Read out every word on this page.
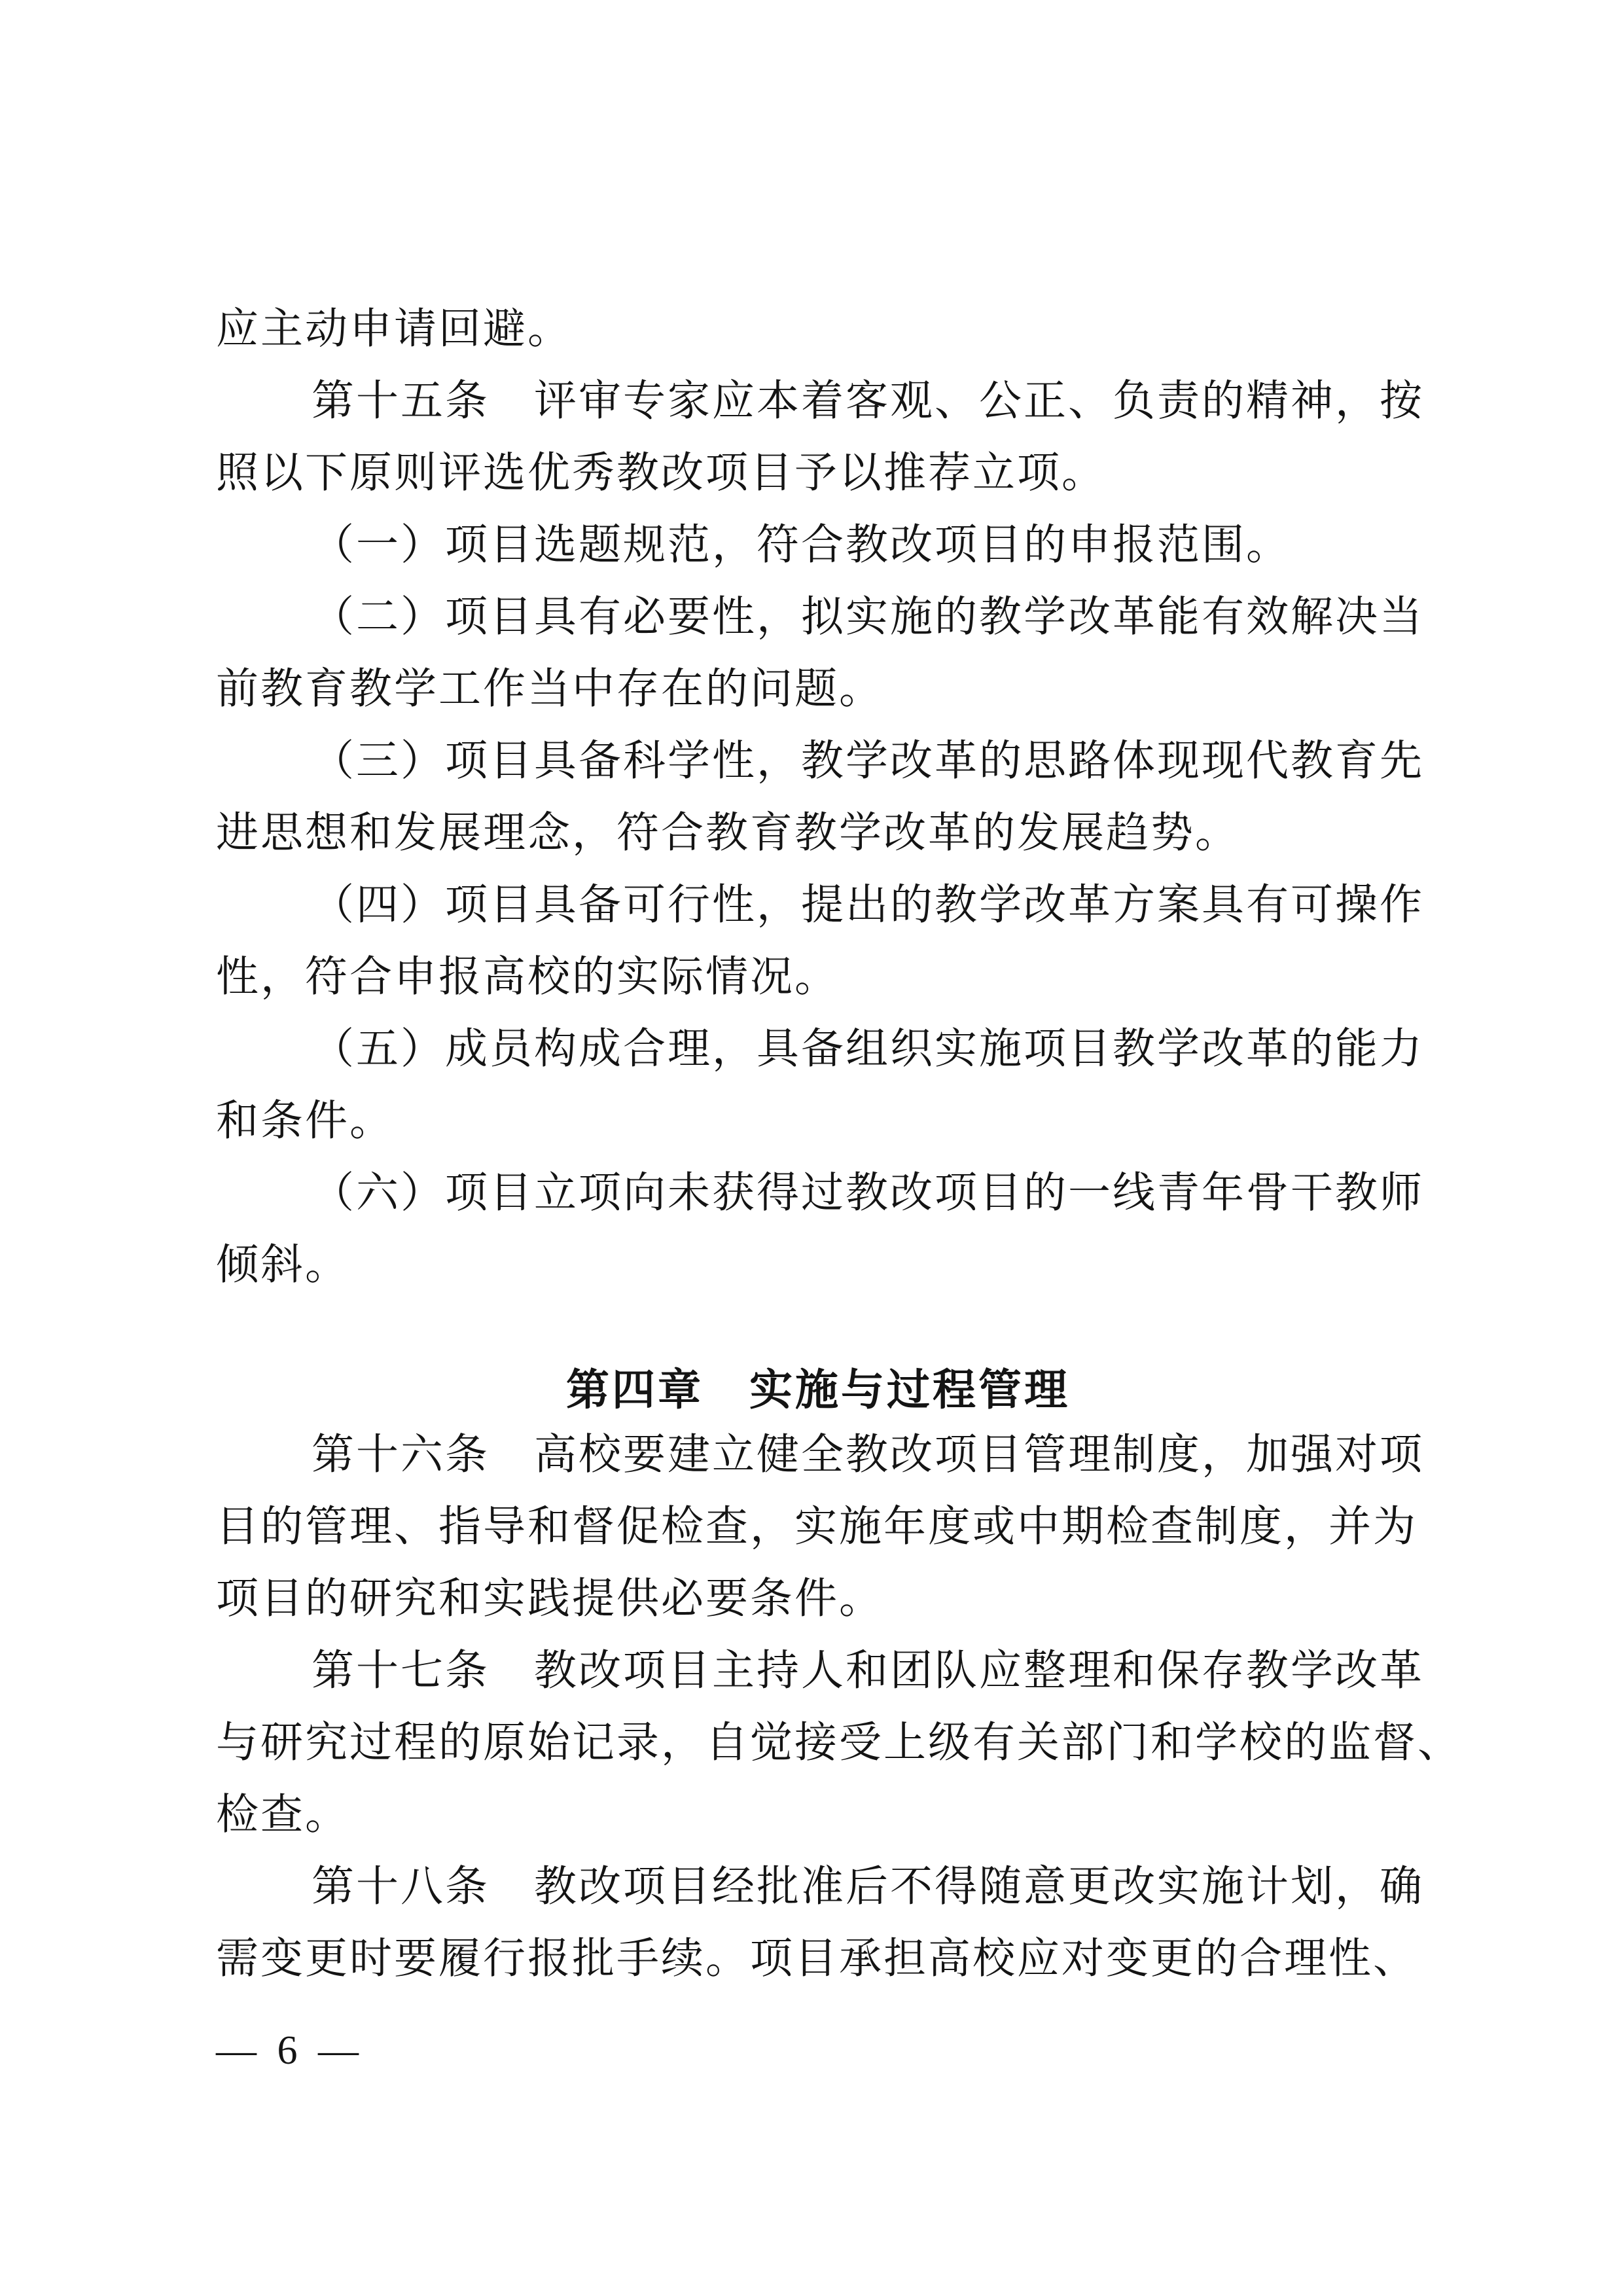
应主动申请回避。
第十五条　评审专家应本着客观、公正、负责的精神，按
照以下原则评选优秀教改项目予以推荐立项。
（一）项目选题规范，符合教改项目的申报范围。
（二）项目具有必要性，拟实施的教学改革能有效解决当
前教育教学工作当中存在的问题。
（三）项目具备科学性，教学改革的思路体现现代教育先
进思想和发展理念，符合教育教学改革的发展趋势。
（四）项目具备可行性，提出的教学改革方案具有可操作
性，符合申报高校的实际情况。
（五）成员构成合理，具备组织实施项目教学改革的能力
和条件。
（六）项目立项向未获得过教改项目的一线青年骨干教师
倾斜。
第四章　实施与过程管理
第十六条　高校要建立健全教改项目管理制度，加强对项
目的管理、指导和督促检查，实施年度或中期检查制度，并为
项目的研究和实践提供必要条件。
第十七条　教改项目主持人和团队应整理和保存教学改革
与研究过程的原始记录，自觉接受上级有关部门和学校的监督、
检查。
第十八条　教改项目经批准后不得随意更改实施计划，确
需变更时要履行报批手续。项目承担高校应对变更的合理性、
— 6 —
